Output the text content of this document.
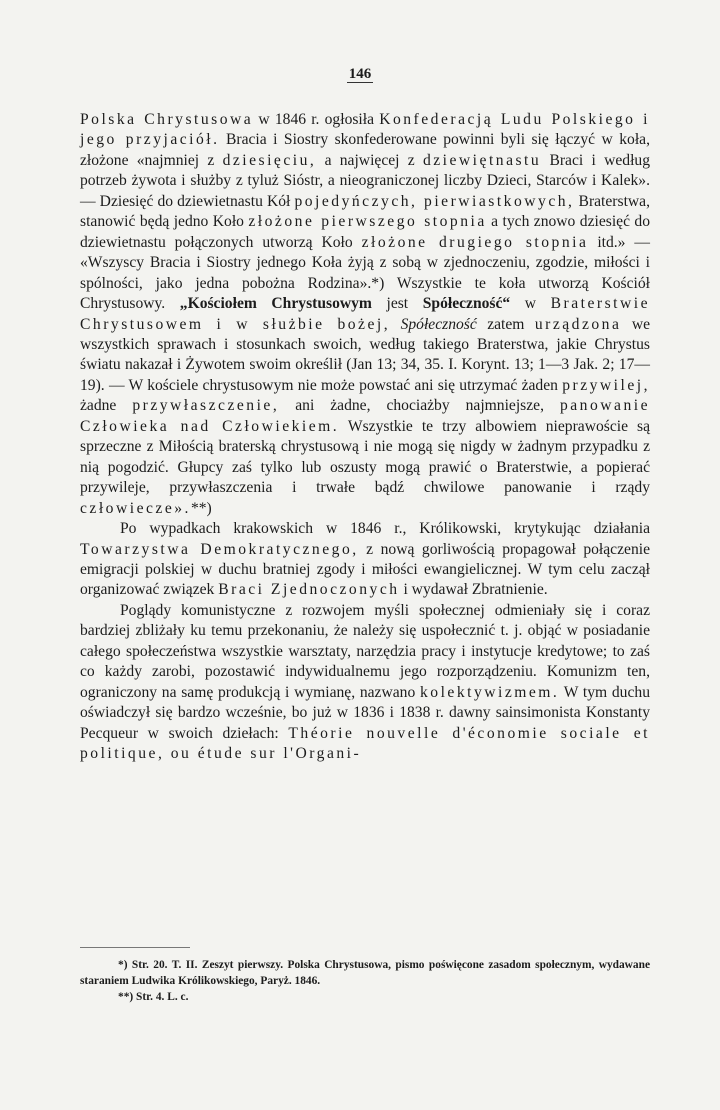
146

Polska Chrystusowa w 1846 r. ogłosiła Konfederacją Ludu Polskiego i jego przyjaciół. Bracia i Siostry skonfederowane powinni byli się łączyć w koła, złożone «najmniej z dziesięciu, a najwięcej z dziewiętnastu Braci i według potrzeb żywota i służby z tyluż Sióstr, a nieograniczonej liczby Dzieci, Starców i Kalek». — Dziesięć do dziewietnastu Kół pojedyńczych, pierwiastkowych, Braterstwa, stanowić będą jedno Koło złożone pierwszego stopnia a tych znowo dziesięć do dziewietnastu połączonych utworzą Koło złożone drugiego stopnia itd.» — «Wszyscy Bracia i Siostry jednego Koła żyją z sobą w zjednoczeniu, zgodzie, miłości i spólności, jako jedna pobożna Rodzina».*) Wszystkie te koła utworzą Kościół Chrystusowy. „Kościołem Chrystusowym jest Spółeczność“ w Braterstwie Chrystusowem i w służbie bożej, Spółeczność zatem urządzona we wszystkich sprawach i stosunkach swoich, według takiego Braterstwa, jakie Chrystus światu nakazał i Żywotem swoim określił (Jan 13; 34, 35. I. Korynt. 13; 1—3 Jak. 2; 17—19). — W kościele chrystusowym nie może powstać ani się utrzymać żaden przywilej, żadne przywłaszczenie, ani żadne, chociażby najmniejsze, panowanie Człowieka nad Człowiekiem. Wszystkie te trzy albowiem nieprawoście są sprzeczne z Miłością braterską chrystusową i nie mogą się nigdy w żadnym przypadku z nią pogodzić. Głupcy zaś tylko lub oszusty mogą prawić o Braterstwie, a popierać przywileje, przywłaszczenia i trwałe bądź chwilowe panowanie i rządy człowiecze».**)

Po wypadkach krakowskich w 1846 r., Królikowski, krytykując działania Towarzystwa Demokratycznego, z nową gorliwością propagował połączenie emigracji polskiej w duchu bratniej zgody i miłości ewangielicznej. W tym celu zaczął organizować związek Braci Zjednoczonych i wydawał Zbratnienie.

Poglądy komunistyczne z rozwojem myśli społecznej odmieniały się i coraz bardziej zbliżały ku temu przekonaniu, że należy się uspołecznić t. j. objąć w posiadanie całego społeczeństwa wszystkie warsztaty, narzędzia pracy i instytucje kredytowe; to zaś co każdy zarobi, pozostawić indywidualnemu jego rozporządzeniu. Komunizm ten, ograniczony na samę produkcją i wymianę, nazwano kolektywizmem. W tym duchu oświadczył się bardzo wcześnie, bo już w 1836 i 1838 r. dawny sainsimonista Konstanty Pecqueur w swoich dziełach: Théorie nouvelle d'économie sociale et politique, ou étude sur l'Organi-

*) Str. 20. T. II. Zeszyt pierwszy. Polska Chrystusowa, pismo poświęcone zasadom społecznym, wydawane staraniem Ludwika Królikowskiego, Paryż. 1846.

**) Str. 4. L. c.
